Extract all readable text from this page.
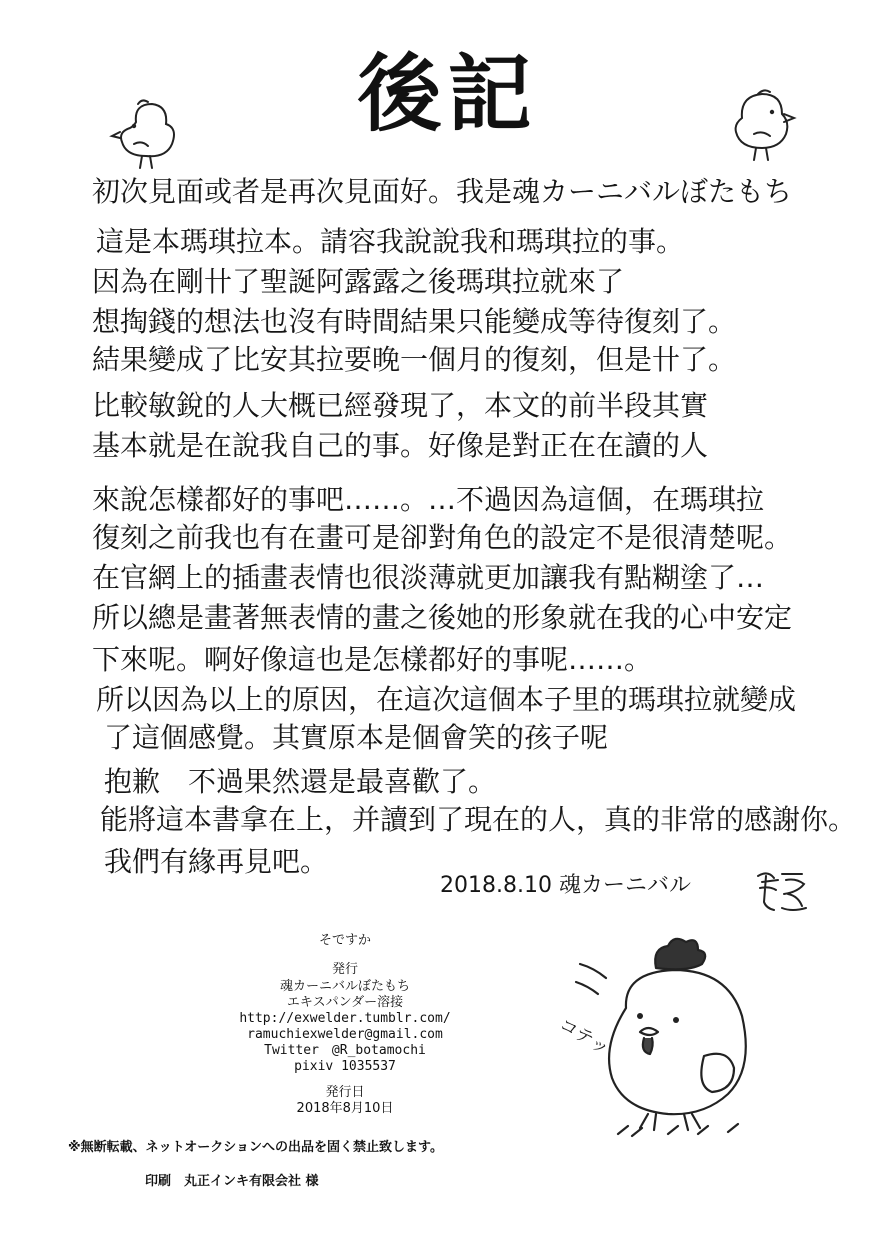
後記
初次見面或者是再次見面好。我是魂カーニバルぼたもち
這是本瑪琪拉本。請容我說說我和瑪琪拉的事。
因為在剛卄了聖誕阿露露之後瑪琪拉就來了
想掏錢的想法也沒有時間結果只能變成等待復刻了。
結果變成了比安其拉要晚一個月的復刻，但是卄了。
比較敏銳的人大概已經發現了，本文的前半段其實
基本就是在說我自己的事。好像是對正在在讀的人
來說怎樣都好的事吧……。…不過因為這個，在瑪琪拉
復刻之前我也有在畫可是卻對角色的設定不是很清楚呢。
在官網上的插畫表情也很淡薄就更加讓我有點糊塗了…
所以總是畫著無表情的畫之後她的形象就在我的心中安定
下來呢。啊好像這也是怎樣都好的事呢……。
所以因為以上的原因，在這次這個本子里的瑪琪拉就變成
了這個感覺。其實原本是個會笑的孩子呢
抱歉　不過果然還是最喜歡了。
能將這本書拿在上，并讀到了現在的人，真的非常的感謝你。
我們有緣再見吧。
2018.8.10 魂カーニバル
そですか
発行
魂カーニバルぼたもち
エキスパンダー溶接
http://exwelder.tumblr.com/
ramuchiexwelder@gmail.com
Twitter　@R_botamochi
pixiv 1035537
発行日
2018年8月10日
※無断転載、ネットオークションへの出品を固く禁止致します。
印刷　丸正インキ有限会社 様
コテッ
